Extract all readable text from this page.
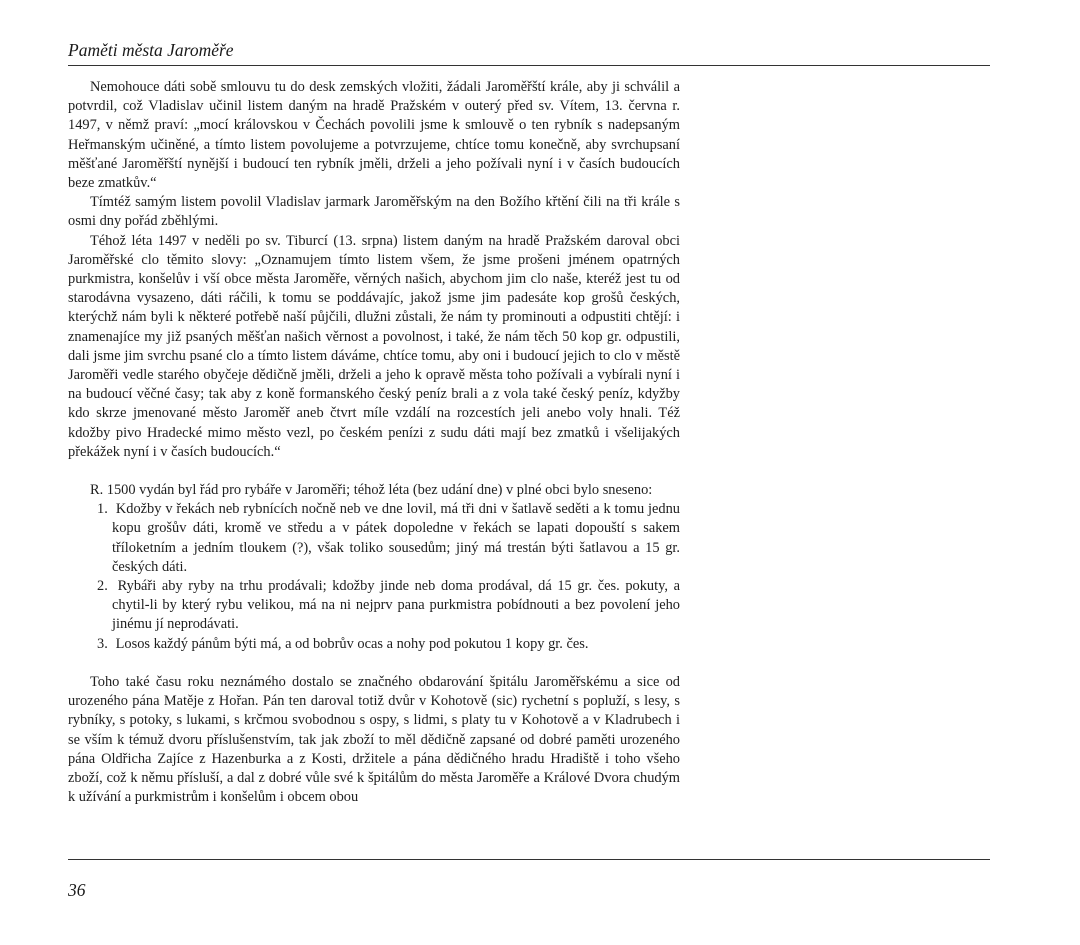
Paměti města Jaroměře

Nemohouce dáti sobě smlouvu tu do desk zemských vložiti, žádali Jaroměřští krále, aby ji schválil a potvrdil, což Vladislav učinil listem daným na hradě Pražském v outerý před sv. Vítem, 13. června r. 1497, v němž praví: „mocí královskou v Čechách povolili jsme k smlouvě o ten rybník s nadepsaným Heřmanským učiněné, a tímto listem povolujeme a potvrzujeme, chtíce tomu konečně, aby svrchupsaní měšťané Jaroměřští nynější i budoucí ten rybník jměli, drželi a jeho požívali nyní i v časích budoucích beze zmatkův.“

Tímtéž samým listem povolil Vladislav jarmark Jaroměřským na den Božího křtění čili na tři krále s osmi dny pořád zběhlými.

Téhož léta 1497 v neděli po sv. Tiburcí (13. srpna) listem daným na hradě Pražském daroval obci Jaroměřské clo těmito slovy: „Oznamujem tímto listem všem, že jsme prošeni jménem opatrných purkmistra, konšelův i vší obce města Jaroměře, věrných našich, abychom jim clo naše, kteréž jest tu od starodávna vysazeno, dáti ráčili, k tomu se poddávajíc, jakož jsme jim padesáte kop grošů českých, kterýchž nám byli k některé potřebě naší půjčili, dlužni zůstali, že nám ty prominouti a odpustiti chtějí: i znamenajíce my již psaných měšťan našich věrnost a povolnost, i také, že nám těch 50 kop gr. odpustili, dali jsme jim svrchu psané clo a tímto listem dáváme, chtíce tomu, aby oni i budoucí jejich to clo v městě Jaroměři vedle starého obyčeje dědičně jměli, drželi a jeho k opravě města toho požívali a vybírali nyní i na budoucí věčné časy; tak aby z koně formanského český peníz brali a z vola také český peníz, kdyžby kdo skrze jmenované město Jaroměř aneb čtvrt míle vzdálí na rozcestích jeli anebo voly hnali. Též kdožby pivo Hradecké mimo město vezl, po českém penízi z sudu dáti mají bez zmatků i všelijakých překážek nyní i v časích budoucích.“

R. 1500 vydán byl řád pro rybáře v Jaroměři; téhož léta (bez udání dne) v plné obci bylo sneseno:

1. Kdožby v řekách neb rybnících nočně neb ve dne lovil, má tři dni v šatlavě seděti a k tomu jednu kopu grošův dáti, kromě ve středu a v pátek dopoledne v řekách se lapati dopouští s sakem tříloketním a jedním tloukem (?), však toliko sousedům; jiný má trestán býti šatlavou a 15 gr. českých dáti.
2. Rybáři aby ryby na trhu prodávali; kdožby jinde neb doma prodával, dá 15 gr. čes. pokuty, a chytil-li by který rybu velikou, má na ni nejprv pana purkmistra pobídnouti a bez povolení jeho jinému jí neprodávati.
3. Losos každý pánům býti má, a od bobrův ocas a nohy pod pokutou 1 kopy gr. čes.

Toho také času roku neznámého dostalo se značného obdarování špitálu Jaroměřskému a sice od urozeného pána Matěje z Hořan. Pán ten daroval totiž dvůr v Kohotově (sic) rychetní s popluží, s lesy, s rybníky, s potoky, s lukami, s krčmou svobodnou s ospy, s lidmi, s platy tu v Kohotově a v Kladrubech i se vším k témuž dvoru příslušenstvím, tak jak zboží to měl dědičně zapsané od dobré paměti urozeného pána Oldřicha Zajíce z Hazenburka a z Kosti, držitele a pána dědičného hradu Hradiště i toho všeho zboží, což k němu přísluší, a dal z dobré vůle své k špitálům do města Jaroměře a Králové Dvora chudým k užívání a purkmistrům i konšelům i obcem obou

36
